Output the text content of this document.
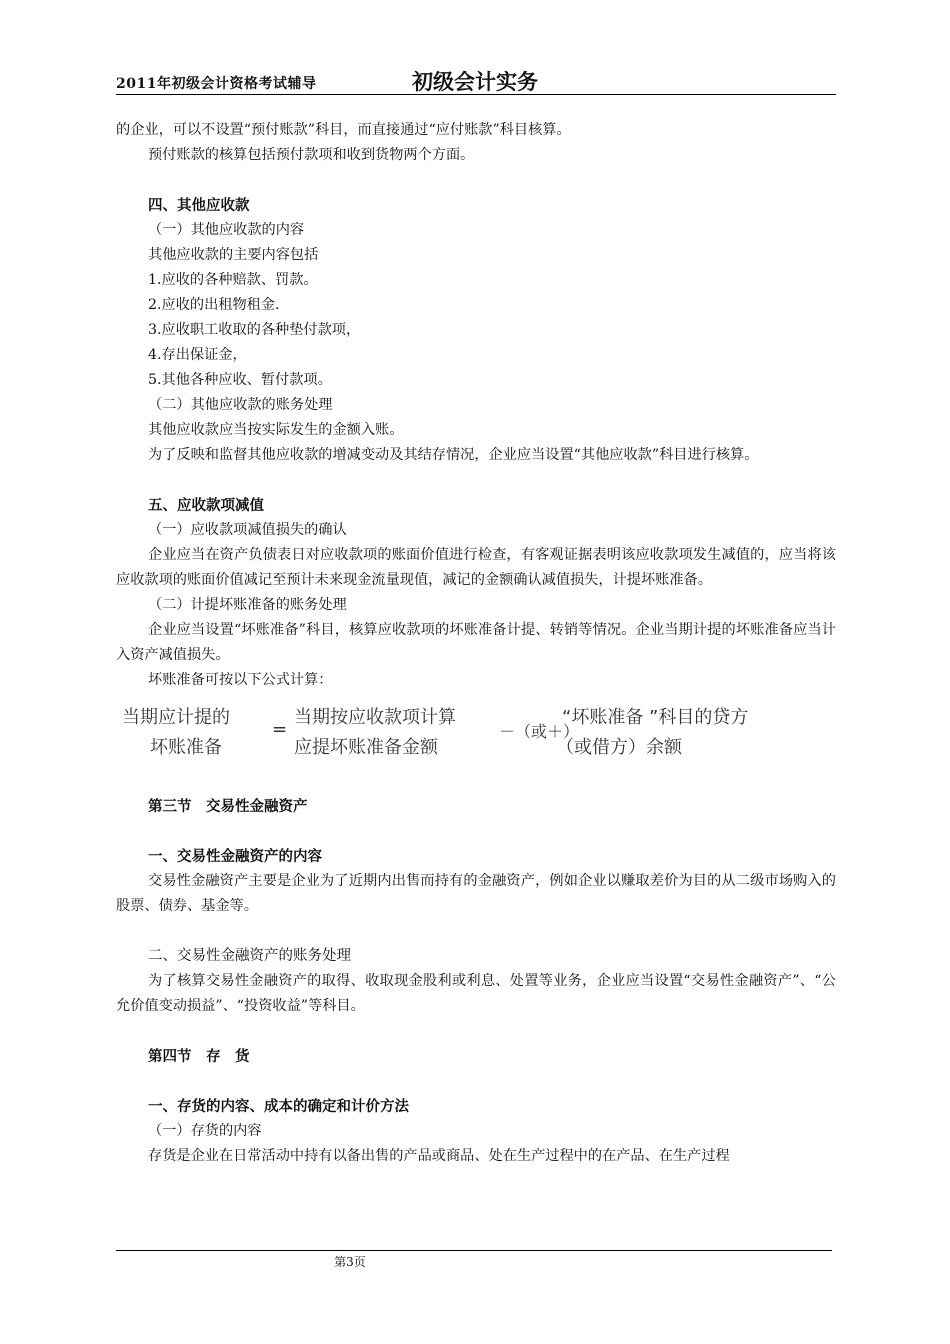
2011年初级会计资格考试辅导	初级会计实务

的企业，可以不设置“预付账款”科目，而直接通过“应付账款”科目核算。

预付账款的核算包括预付款项和收到货物两个方面。

四、其他应收款

（一）其他应收款的内容

其他应收款的主要内容包括

1.应收的各种赔款、罚款。

2.应收的出租物租金.

3.应收职工收取的各种垫付款项，

4.存出保证金，

5.其他各种应收、暂付款项。

（二）其他应收款的账务处理

其他应收款应当按实际发生的金额入账。

为了反映和监督其他应收款的增减变动及其结存情况，企业应当设置“其他应收款”科目进行核算。

五、应收款项减值

（一）应收款项减值损失的确认

企业应当在资产负债表日对应收款项的账面价值进行检查，有客观证据表明该应收款项发生减值的，应当将该应收款项的账面价值减记至预计未来现金流量现值，减记的金额确认减值损失，计提坏账准备。

（二）计提坏账准备的账务处理

企业应当设置“坏账准备”科目，核算应收款项的坏账准备计提、转销等情况。企业当期计提的坏账准备应当计入资产减值损失。

坏账准备可按以下公式计算：

当期应计提的
坏账准备
=
当期按应收款项计算
应提坏账准备金额
－（或＋）
“坏账准备 ”科目的贷方
（或借方）余额

第三节　交易性金融资产

一、交易性金融资产的内容

交易性金融资产主要是企业为了近期内出售而持有的金融资产，例如企业以赚取差价为目的从二级市场购入的股票、债券、基金等。

二、交易性金融资产的账务处理

为了核算交易性金融资产的取得、收取现金股利或利息、处置等业务，企业应当设置“交易性金融资产”、“公允价值变动损益”、“投资收益”等科目。

第四节　存　货

一、存货的内容、成本的确定和计价方法

（一）存货的内容

存货是企业在日常活动中持有以备出售的产品或商品、处在生产过程中的在产品、在生产过程

第3页
